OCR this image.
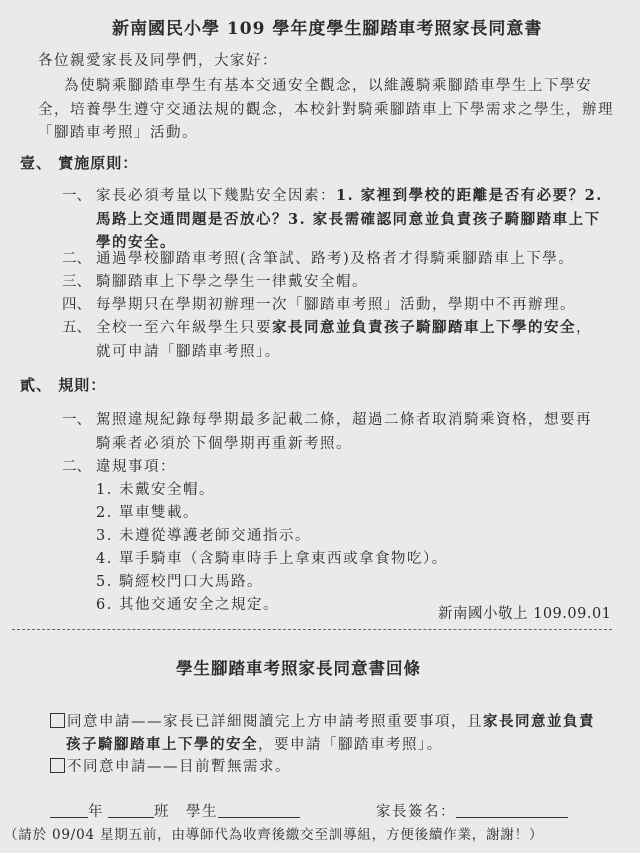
新南國民小學 109 學年度學生腳踏車考照家長同意書
各位親愛家長及同學們，大家好：
為使騎乘腳踏車學生有基本交通安全觀念，以維護騎乘腳踏車學生上下學安
全，培養學生遵守交通法規的觀念，本校針對騎乘腳踏車上下學需求之學生，辦理
「腳踏車考照」活動。
壹、 實施原則：
一、 家長必須考量以下幾點安全因素：1. 家裡到學校的距離是否有必要？2.
馬路上交通問題是否放心？3. 家長需確認同意並負責孩子騎腳踏車上下
學的安全。
二、 通過學校腳踏車考照(含筆試、路考)及格者才得騎乘腳踏車上下學。
三、 騎腳踏車上下學之學生一律戴安全帽。
四、 每學期只在學期初辦理一次「腳踏車考照」活動，學期中不再辦理。
五、 全校一至六年級學生只要家長同意並負責孩子騎腳踏車上下學的安全，
就可申請「腳踏車考照」。
貳、 規則：
一、 駕照違規紀錄每學期最多記載二條，超過二條者取消騎乘資格，想要再
騎乘者必須於下個學期再重新考照。
二、 違規事項：
1. 未戴安全帽。
2. 單車雙載。
3. 未遵從導護老師交通指示。
4. 單手騎車（含騎車時手上拿東西或拿食物吃）。
5. 騎經校門口大馬路。
6. 其他交通安全之規定。
新南國小敬上 109.09.01
學生腳踏車考照家長同意書回條
同意申請——家長已詳細閱讀完上方申請考照重要事項，且家長同意並負責
孩子騎腳踏車上下學的安全，要申請「腳踏車考照」。
不同意申請——目前暫無需求。
年	班 學生	家長簽名：
（請於 09/04 星期五前，由導師代為收齊後繳交至訓導組，方便後續作業，謝謝！）
